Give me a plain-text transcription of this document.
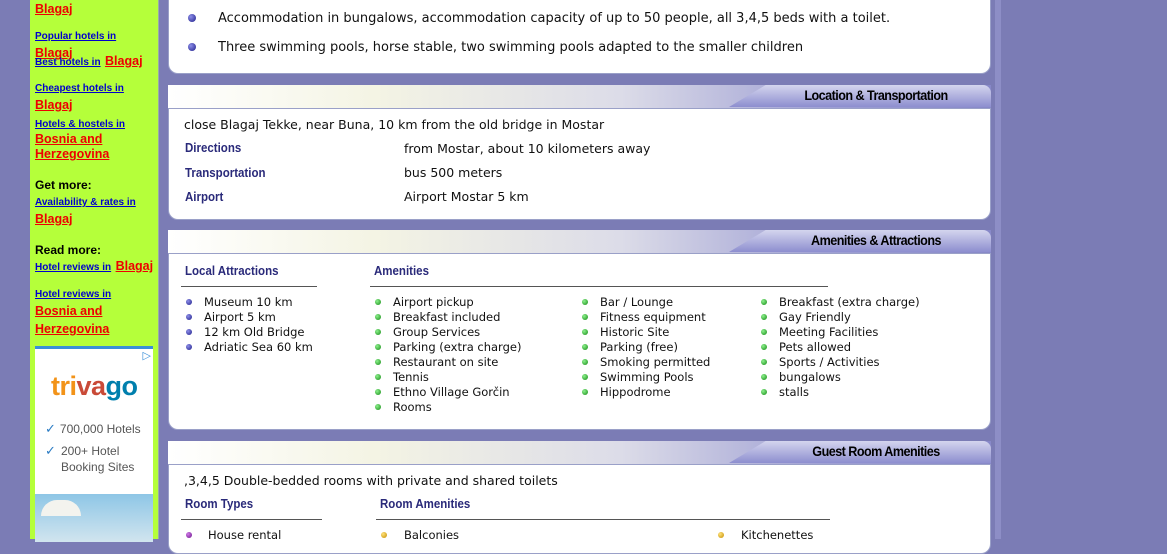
Blagaj
Popular hotels in Blagaj
Best hotels in Blagaj
Cheapest hotels in
Blagaj
Hotels & hostels in
Bosnia and Herzegovina
Get more:
Availability & rates in
Blagaj
Read more:
Hotel reviews in Blagaj
Hotel reviews in Bosnia and Herzegovina
▷
trivago
✓ 700,000 Hotels
✓ 200+ Hotel Booking Sites
Accommodation in bungalows, accommodation capacity of up to 50 people, all 3,4,5 beds with a toilet.
Three swimming pools, horse stable, two swimming pools adapted to the smaller children
Location & Transportation
close Blagaj Tekke, near Buna, 10 km from the old bridge in Mostar
Directions	from Mostar, about 10 kilometers away
Transportation	bus 500 meters
Airport	Airport Mostar 5 km
Amenities & Attractions
Local Attractions	Amenities
Museum 10 km
Airport 5 km
12 km Old Bridge
Adriatic Sea 60 km
Airport pickup
Breakfast included
Group Services
Parking (extra charge)
Restaurant on site
Tennis
Ethno Village Gorčin
Rooms
Bar / Lounge
Fitness equipment
Historic Site
Parking (free)
Smoking permitted
Swimming Pools
Hippodrome
Breakfast (extra charge)
Gay Friendly
Meeting Facilities
Pets allowed
Sports / Activities
bungalows
stalls
Guest Room Amenities
,3,4,5 Double-bedded rooms with private and shared toilets
Room Types	Room Amenities
House rental	Balconies	Kitchenettes
